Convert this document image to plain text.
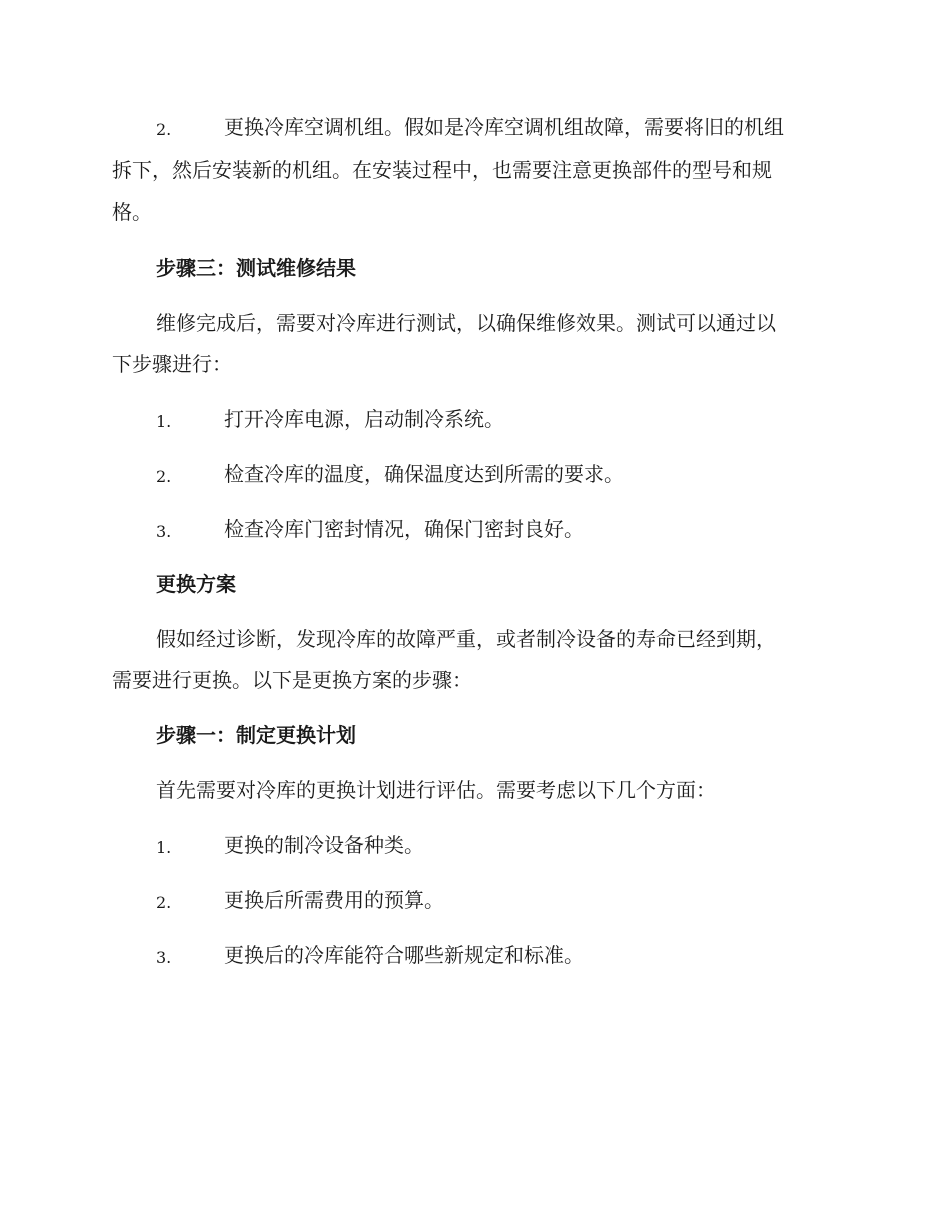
2.	更换冷库空调机组。假如是冷库空调机组故障，需要将旧的机组
拆下，然后安装新的机组。在安装过程中，也需要注意更换部件的型号和规
格。
步骤三：测试维修结果
维修完成后，需要对冷库进行测试，以确保维修效果。测试可以通过以
下步骤进行：
1.	打开冷库电源，启动制冷系统。
2.	检查冷库的温度，确保温度达到所需的要求。
3.	检查冷库门密封情况，确保门密封良好。
更换方案
假如经过诊断，发现冷库的故障严重，或者制冷设备的寿命已经到期，
需要进行更换。以下是更换方案的步骤：
步骤一：制定更换计划
首先需要对冷库的更换计划进行评估。需要考虑以下几个方面：
1.	更换的制冷设备种类。
2.	更换后所需费用的预算。
3.	更换后的冷库能符合哪些新规定和标准。
